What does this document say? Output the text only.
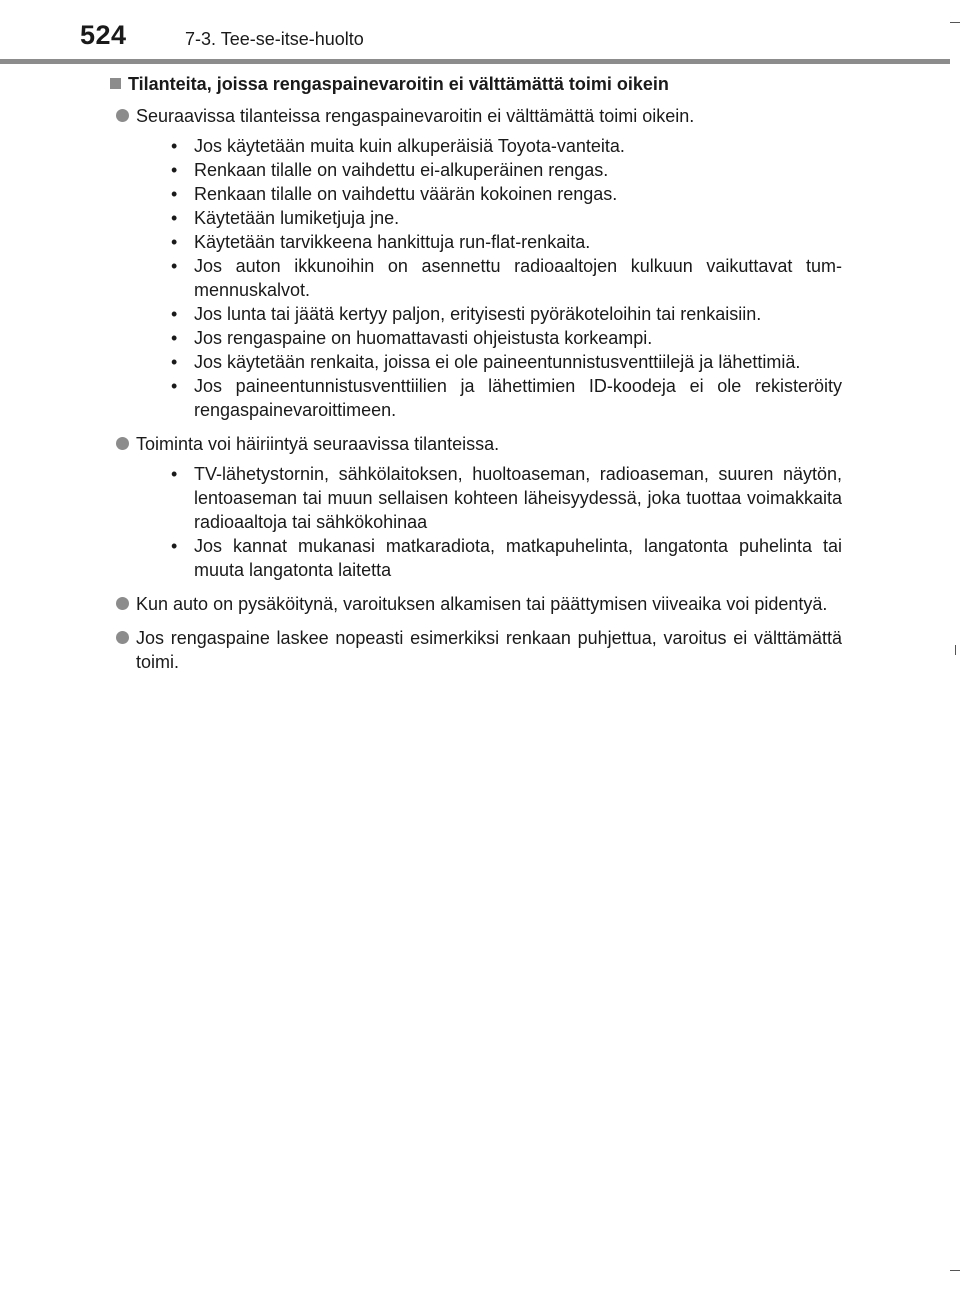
524	7-3. Tee-se-itse-huolto
Tilanteita, joissa rengaspainevaroitin ei välttämättä toimi oikein
Seuraavissa tilanteissa rengaspainevaroitin ei välttämättä toimi oikein.
• Jos käytetään muita kuin alkuperäisiä Toyota-vanteita.
• Renkaan tilalle on vaihdettu ei-alkuperäinen rengas.
• Renkaan tilalle on vaihdettu väärän kokoinen rengas.
• Käytetään lumiketjuja jne.
• Käytetään tarvikkeena hankittuja run-flat-renkaita.
• Jos auton ikkunoihin on asennettu radioaaltojen kulkuun vaikuttavat tummennuskalvot.
• Jos lunta tai jäätä kertyy paljon, erityisesti pyöräkoteloihin tai renkaisiin.
• Jos rengaspaine on huomattavasti ohjeistusta korkeampi.
• Jos käytetään renkaita, joissa ei ole paineentunnistusventtiilejä ja lähettimiä.
• Jos paineentunnistusventtiilien ja lähettimien ID-koodeja ei ole rekisteröity rengaspainevaroittimeen.
Toiminta voi häiriintyä seuraavissa tilanteissa.
• TV-lähetystornin, sähkölaitoksen, huoltoaseman, radioaseman, suuren näytön, lentoaseman tai muun sellaisen kohteen läheisyydessä, joka tuottaa voimakkaita radioaaltoja tai sähkökohinaa
• Jos kannat mukanasi matkaradiota, matkapuhelinta, langatonta puhelinta tai muuta langatonta laitetta
Kun auto on pysäköitynä, varoituksen alkamisen tai päättymisen viiveaika voi pidentyä.
Jos rengaspaine laskee nopeasti esimerkiksi renkaan puhjettua, varoitus ei välttämättä toimi.
